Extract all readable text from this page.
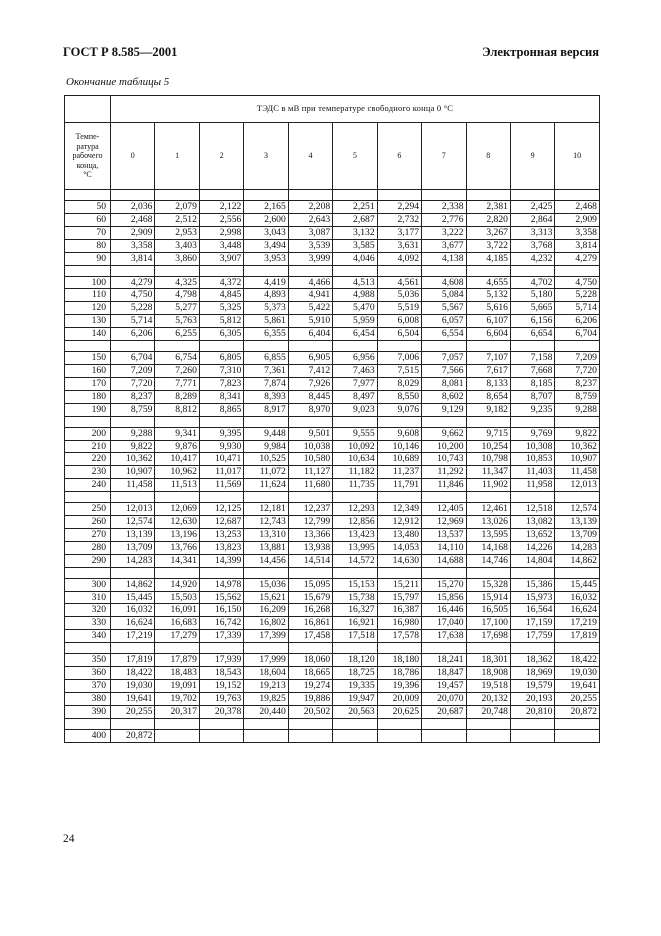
ГОСТ Р 8.585—2001	Электронная версия
Окончание таблицы 5
	ТЭДС в мВ при температуре свободного конца 0 °С										

Темпе-
ратура
рабочего
конца,
°С	0	1	2	3	4	5	6	7	8	9	10

50	2,036	2,079	2,122	2,165	2,208	2,251	2,294	2,338	2,381	2,425	2,468
60	2,468	2,512	2,556	2,600	2,643	2,687	2,732	2,776	2,820	2,864	2,909
70	2,909	2,953	2,998	3,043	3,087	3,132	3,177	3,222	3,267	3,313	3,358
80	3,358	3,403	3,448	3,494	3,539	3,585	3,631	3,677	3,722	3,768	3,814
90	3,814	3,860	3,907	3,953	3,999	4,046	4,092	4,138	4,185	4,232	4,279

100	4,279	4,325	4,372	4,419	4,466	4,513	4,561	4,608	4,655	4,702	4,750
110	4,750	4,798	4,845	4,893	4,941	4,988	5,036	5,084	5,132	5,180	5,228
120	5,228	5,277	5,325	5,373	5,422	5,470	5,519	5,567	5,616	5,665	5,714
130	5,714	5,763	5,812	5,861	5,910	5,959	6,008	6,057	6,107	6,156	6,206
140	6,206	6,255	6,305	6,355	6,404	6,454	6,504	6,554	6,604	6,654	6,704

150	6,704	6,754	6,805	6,855	6,905	6,956	7,006	7,057	7,107	7,158	7,209
160	7,209	7,260	7,310	7,361	7,412	7,463	7,515	7,566	7,617	7,668	7,720
170	7,720	7,771	7,823	7,874	7,926	7,977	8,029	8,081	8,133	8,185	8,237
180	8,237	8,289	8,341	8,393	8,445	8,497	8,550	8,602	8,654	8,707	8,759
190	8,759	8,812	8,865	8,917	8,970	9,023	9,076	9,129	9,182	9,235	9,288

200	9,288	9,341	9,395	9,448	9,501	9,555	9,608	9,662	9,715	9,769	9,822
210	9,822	9,876	9,930	9,984	10,038	10,092	10,146	10,200	10,254	10,308	10,362
220	10,362	10,417	10,471	10,525	10,580	10,634	10,689	10,743	10,798	10,853	10,907
230	10,907	10,962	11,017	11,072	11,127	11,182	11,237	11,292	11,347	11,403	11,458
240	11,458	11,513	11,569	11,624	11,680	11,735	11,791	11,846	11,902	11,958	12,013

250	12,013	12,069	12,125	12,181	12,237	12,293	12,349	12,405	12,461	12,518	12,574
260	12,574	12,630	12,687	12,743	12,799	12,856	12,912	12,969	13,026	13,082	13,139
270	13,139	13,196	13,253	13,310	13,366	13,423	13,480	13,537	13,595	13,652	13,709
280	13,709	13,766	13,823	13,881	13,938	13,995	14,053	14,110	14,168	14,226	14,283
290	14,283	14,341	14,399	14,456	14,514	14,572	14,630	14,688	14,746	14,804	14,862

300	14,862	14,920	14,978	15,036	15,095	15,153	15,211	15,270	15,328	15,386	15,445
310	15,445	15,503	15,562	15,621	15,679	15,738	15,797	15,856	15,914	15,973	16,032
320	16,032	16,091	16,150	16,209	16,268	16,327	16,387	16,446	16,505	16,564	16,624
330	16,624	16,683	16,742	16,802	16,861	16,921	16,980	17,040	17,100	17,159	17,219
340	17,219	17,279	17,339	17,399	17,458	17,518	17,578	17,638	17,698	17,759	17,819

350	17,819	17,879	17,939	17,999	18,060	18,120	18,180	18,241	18,301	18,362	18,422
360	18,422	18,483	18,543	18,604	18,665	18,725	18,786	18,847	18,908	18,969	19,030
370	19,030	19,091	19,152	19,213	19,274	19,335	19,396	19,457	19,518	19,579	19,641
380	19,641	19,702	19,763	19,825	19,886	19,947	20,009	20,070	20,132	20,193	20,255
390	20,255	20,317	20,378	20,440	20,502	20,563	20,625	20,687	20,748	20,810	20,872

400	20,872										
24
